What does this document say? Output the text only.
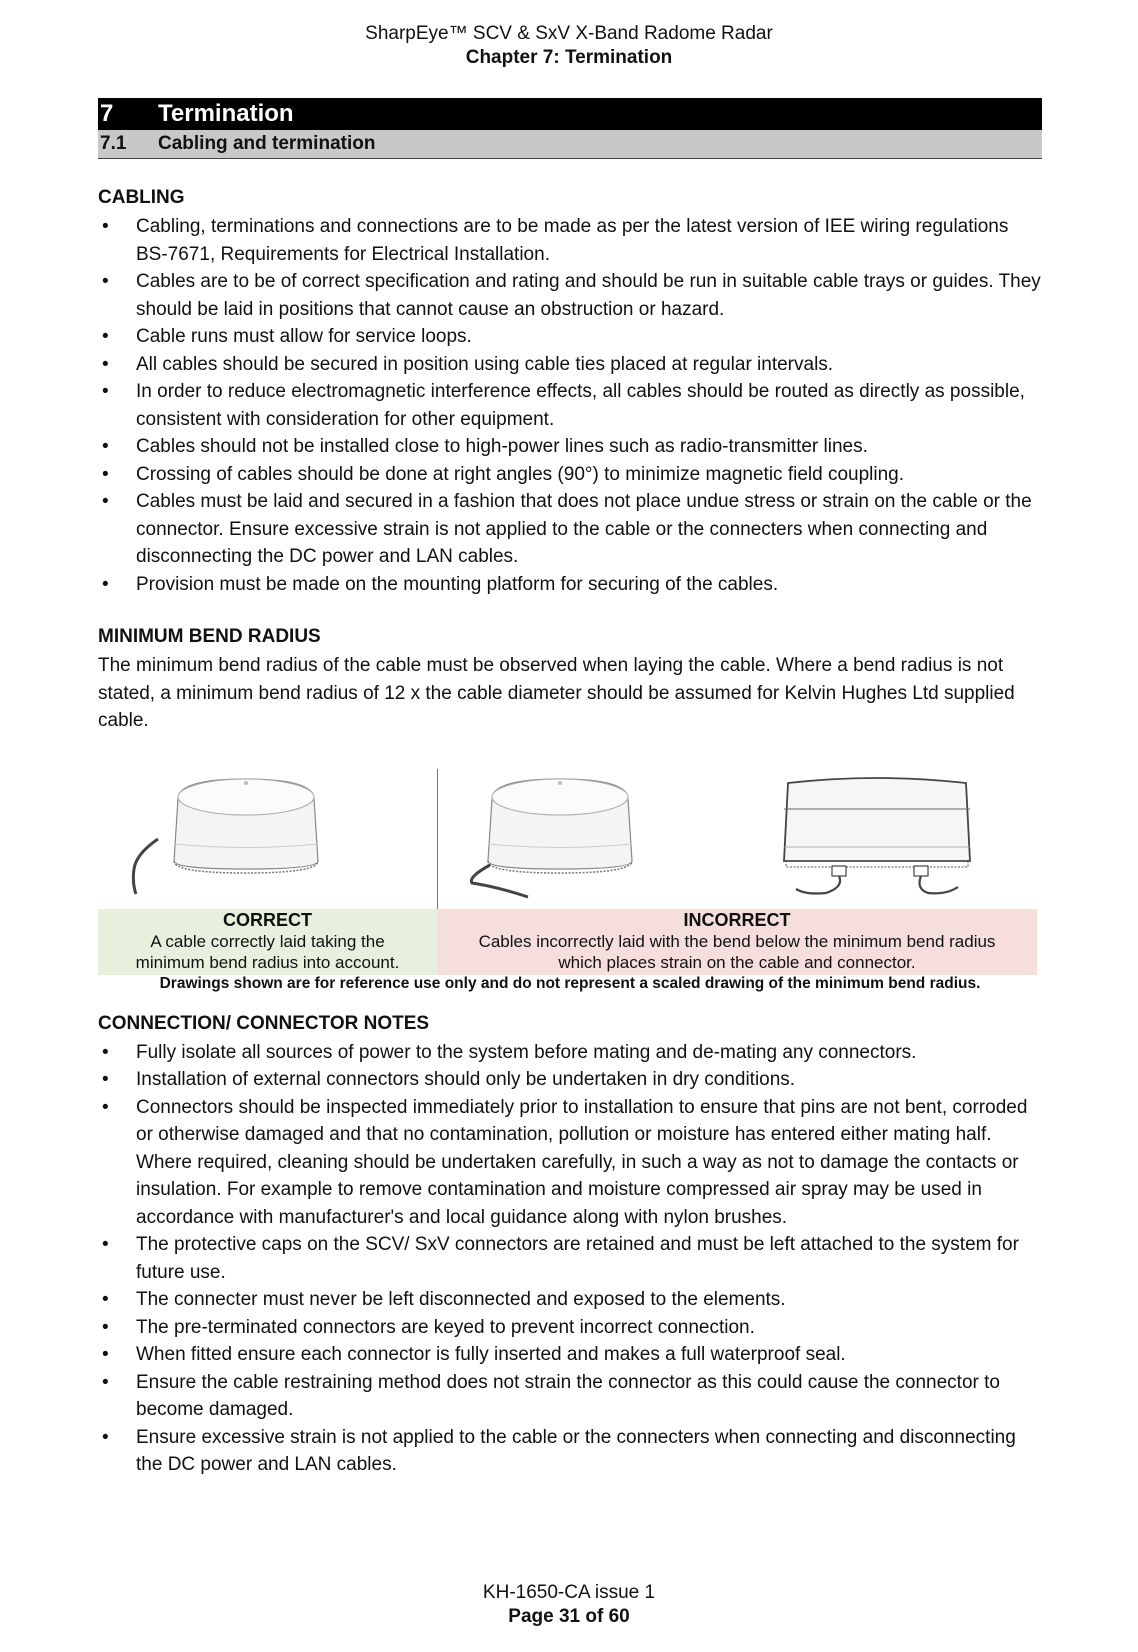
SharpEye™ SCV & SxV X-Band Radome Radar
Chapter 7: Termination
7 Termination
7.1 Cabling and termination
CABLING
• Cabling, terminations and connections are to be made as per the latest version of IEE wiring regulations BS-7671, Requirements for Electrical Installation.
• Cables are to be of correct specification and rating and should be run in suitable cable trays or guides. They should be laid in positions that cannot cause an obstruction or hazard.
• Cable runs must allow for service loops.
• All cables should be secured in position using cable ties placed at regular intervals.
• In order to reduce electromagnetic interference effects, all cables should be routed as directly as possible, consistent with consideration for other equipment.
• Cables should not be installed close to high-power lines such as radio-transmitter lines.
• Crossing of cables should be done at right angles (90°) to minimize magnetic field coupling.
• Cables must be laid and secured in a fashion that does not place undue stress or strain on the cable or the connector. Ensure excessive strain is not applied to the cable or the connecters when connecting and disconnecting the DC power and LAN cables.
• Provision must be made on the mounting platform for securing of the cables.
MINIMUM BEND RADIUS

The minimum bend radius of the cable must be observed when laying the cable. Where a bend radius is not stated, a minimum bend radius of 12 x the cable diameter should be assumed for Kelvin Hughes Ltd supplied cable.

CORRECT
A cable correctly laid taking the
minimum bend radius into account.
INCORRECT
Cables incorrectly laid with the bend below the minimum bend radius
which places strain on the cable and connector.
Drawings shown are for reference use only and do not represent a scaled drawing of the minimum bend radius.
CONNECTION/ CONNECTOR NOTES
• Fully isolate all sources of power to the system before mating and de-mating any connectors.
• Installation of external connectors should only be undertaken in dry conditions.
• Connectors should be inspected immediately prior to installation to ensure that pins are not bent, corroded or otherwise damaged and that no contamination, pollution or moisture has entered either mating half. Where required, cleaning should be undertaken carefully, in such a way as not to damage the contacts or insulation. For example to remove contamination and moisture compressed air spray may be used in accordance with manufacturer's and local guidance along with nylon brushes.
• The protective caps on the SCV/ SxV connectors are retained and must be left attached to the system for future use.
• The connecter must never be left disconnected and exposed to the elements.
• The pre-terminated connectors are keyed to prevent incorrect connection.
• When fitted ensure each connector is fully inserted and makes a full waterproof seal.
• Ensure the cable restraining method does not strain the connector as this could cause the connector to become damaged.
• Ensure excessive strain is not applied to the cable or the connecters when connecting and disconnecting the DC power and LAN cables.
KH-1650-CA issue 1
Page 31 of 60
